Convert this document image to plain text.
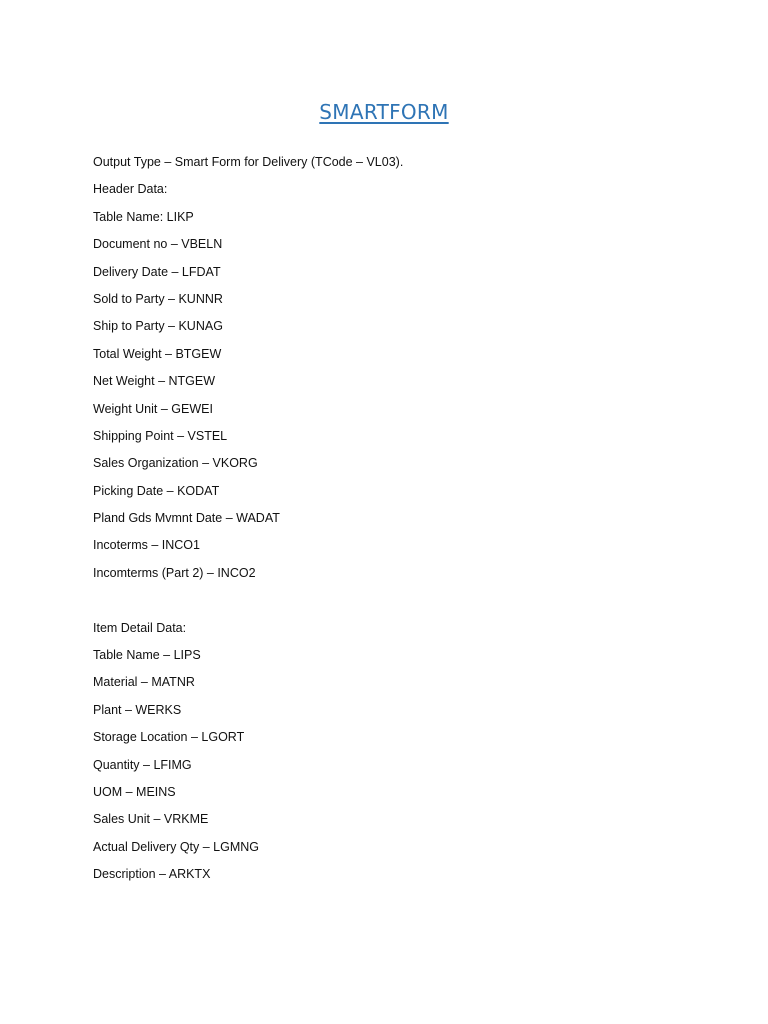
SMARTFORM
Output Type – Smart Form for Delivery (TCode – VL03).
Header Data:
Table Name: LIKP
Document no – VBELN
Delivery Date – LFDAT
Sold to Party – KUNNR
Ship to Party – KUNAG
Total Weight – BTGEW
Net Weight – NTGEW
Weight Unit – GEWEI
Shipping Point – VSTEL
Sales Organization – VKORG
Picking Date – KODAT
Pland Gds Mvmnt Date – WADAT
Incoterms – INCO1
Incomterms (Part 2) – INCO2
Item Detail Data:
Table Name – LIPS
Material – MATNR
Plant – WERKS
Storage Location – LGORT
Quantity – LFIMG
UOM – MEINS
Sales Unit – VRKME
Actual Delivery Qty – LGMNG
Description – ARKTX
